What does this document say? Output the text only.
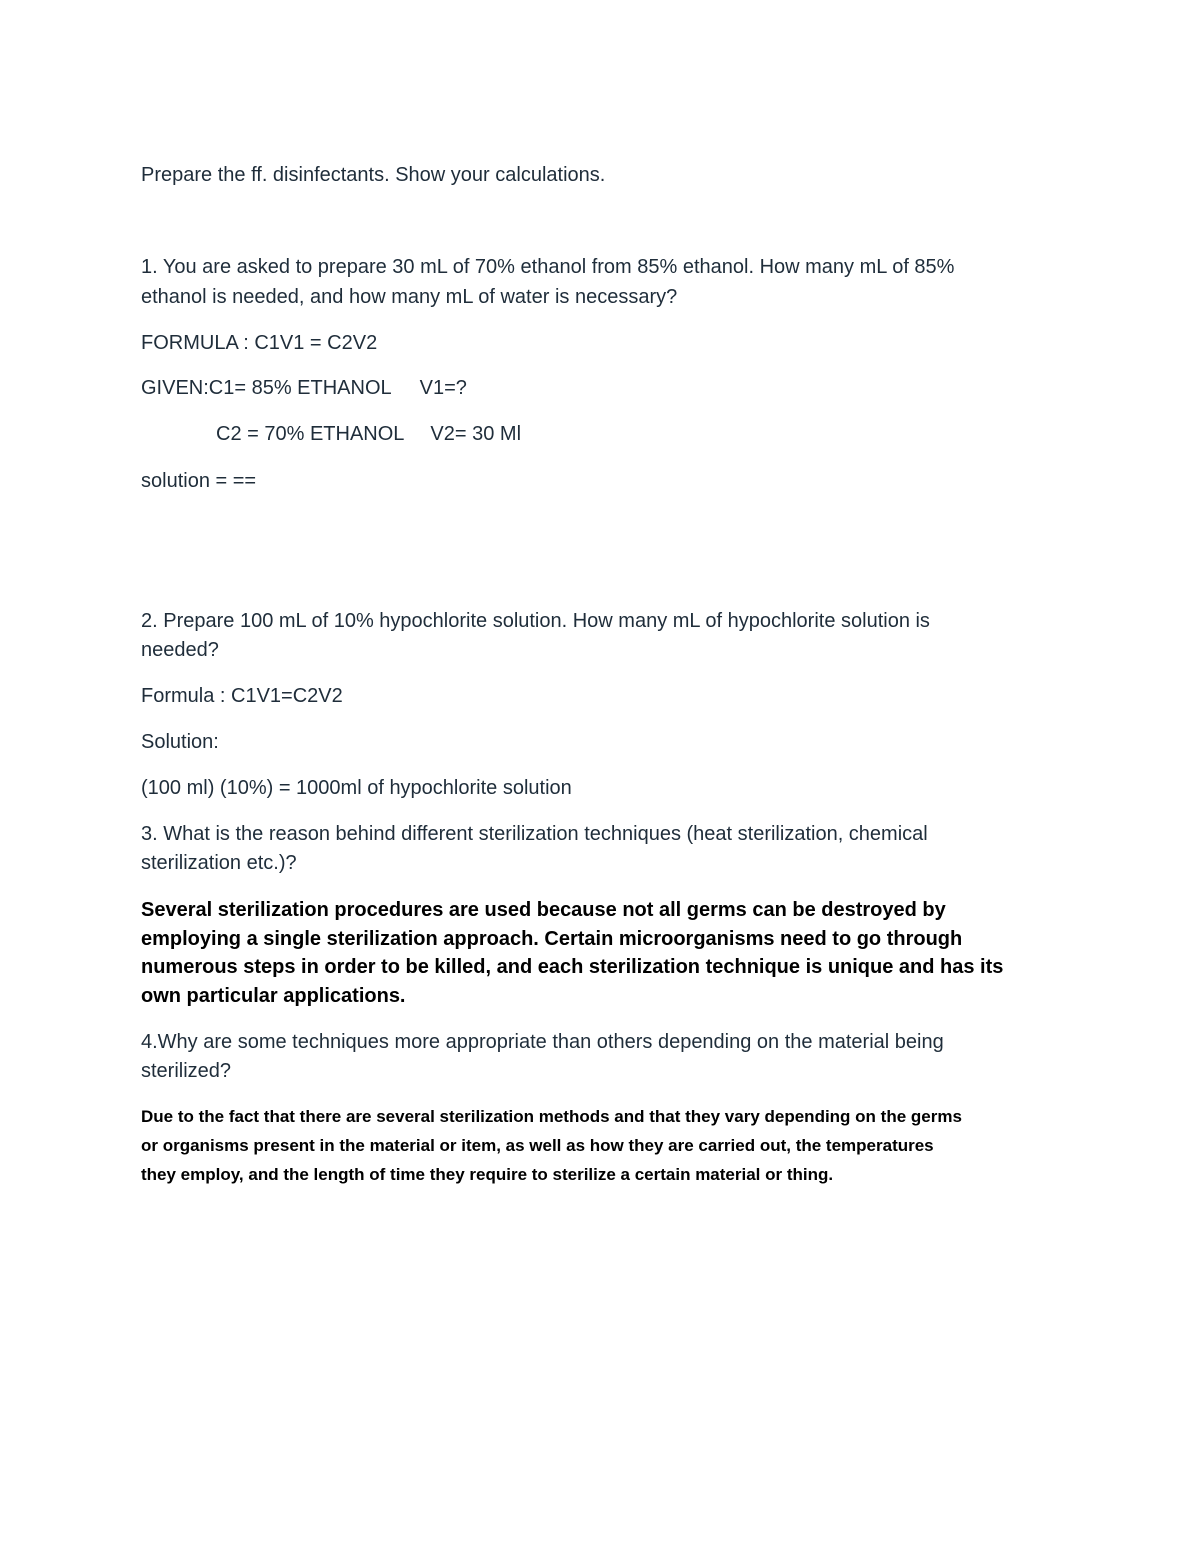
Prepare the ff. disinfectants. Show your calculations.
1. You are asked to prepare 30 mL of 70% ethanol from 85% ethanol. How many mL of 85%
ethanol is needed, and how many mL of water is necessary?
FORMULA : C1V1 = C2V2
GIVEN:C1= 85% ETHANOL V1=?
C2 = 70% ETHANOL V2= 30 Ml
solution = ==
2. Prepare 100 mL of 10% hypochlorite solution. How many mL of hypochlorite solution is
needed?
Formula : C1V1=C2V2
Solution:
(100 ml) (10%) = 1000ml of hypochlorite solution
3. What is the reason behind different sterilization techniques (heat sterilization, chemical
sterilization etc.)?
Several sterilization procedures are used because not all germs can be destroyed by
employing a single sterilization approach. Certain microorganisms need to go through
numerous steps in order to be killed, and each sterilization technique is unique and has its
own particular applications.
4.Why are some techniques more appropriate than others depending on the material being
sterilized?
Due to the fact that there are several sterilization methods and that they vary depending on the germs
or organisms present in the material or item, as well as how they are carried out, the temperatures
they employ, and the length of time they require to sterilize a certain material or thing.
